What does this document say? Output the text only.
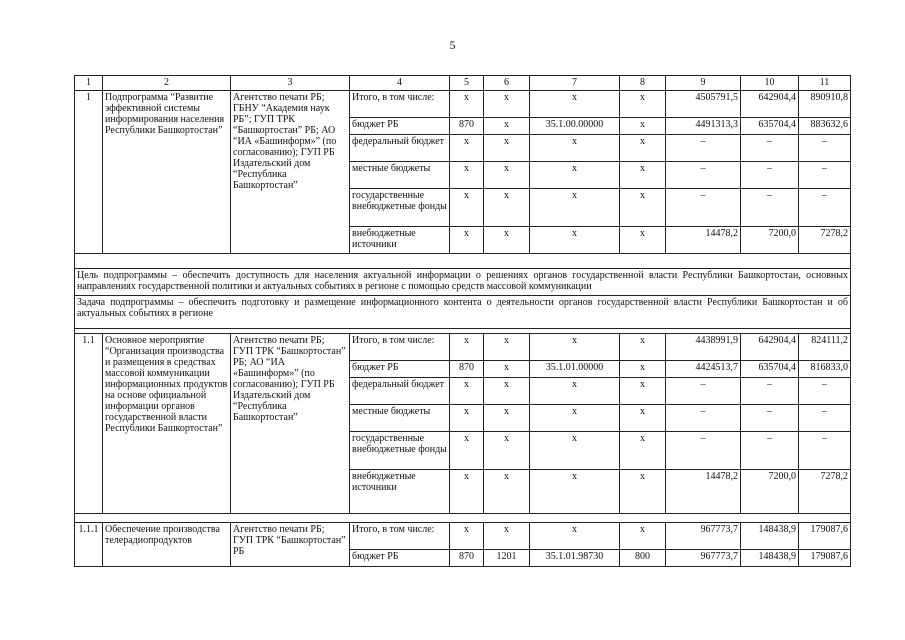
5
1	2	3	4	5	6	7	8	9	10	11
1	Подпрограмма “Развитие эффективной системы информирования населения Республики Башкортостан”	Агентство печати РБ; ГБНУ “Академия наук РБ”; ГУП ТРК “Башкортостан” РБ; АО “ИА «Башинформ»” (по согласованию); ГУП РБ Издательский дом “Республика Башкортостан”	Итого, в том числе:	х	х	х	х	4505791,5	642904,4	890910,8
			бюджет РБ	870	х	35.1.00.00000	х	4491313,3	635704,4	883632,6
			федеральный бюджет	х	х	х	х	–	–	–
			местные бюджеты	х	х	х	х	–	–	–
			государственные внебюджетные фонды	х	х	х	х	–	–	–
			внебюджетные источники	х	х	х	х	14478,2	7200,0	7278,2

Цель подпрограммы – обеспечить доступность для населения актуальной информации о решениях органов государственной власти Республики Башкортостан, основных направлениях государственной политики и актуальных событиях в регионе с помощью средств массовой коммуникации										
Задача подпрограммы – обеспечить подготовку и размещение информационного контента о деятельности органов государственной власти Республики Башкортостан и об актуальных событиях в регионе										

1.1	Основное мероприятие “Организация производства и размещения в средствах массовой коммуникации информационных продуктов на основе официальной информации органов государственной власти Республики Башкортостан”	Агентство печати РБ; ГУП ТРК “Башкортостан” РБ; АО “ИА «Башинформ»” (по согласованию); ГУП РБ Издательский дом “Республика Башкортостан”	Итого, в том числе:	х	х	х	х	4438991,9	642904,4	824111,2
			бюджет РБ	870	х	35.1.01.00000	х	4424513,7	635704,4	816833,0
			федеральный бюджет	х	х	х	х	–	–	–
			местные бюджеты	х	х	х	х	–	–	–
			государственные внебюджетные фонды	х	х	х	х	–	–	–
			внебюджетные источники	х	х	х	х	14478,2	7200,0	7278,2

1.1.1	Обеспечение производства телерадиопродуктов	Агентство печати РБ; ГУП ТРК “Башкортостан” РБ	Итого, в том числе:	х	х	х	х	967773,7	148438,9	179087,6
			бюджет РБ	870	1201	35.1.01.98730	800	967773,7	148438,9	179087,6
